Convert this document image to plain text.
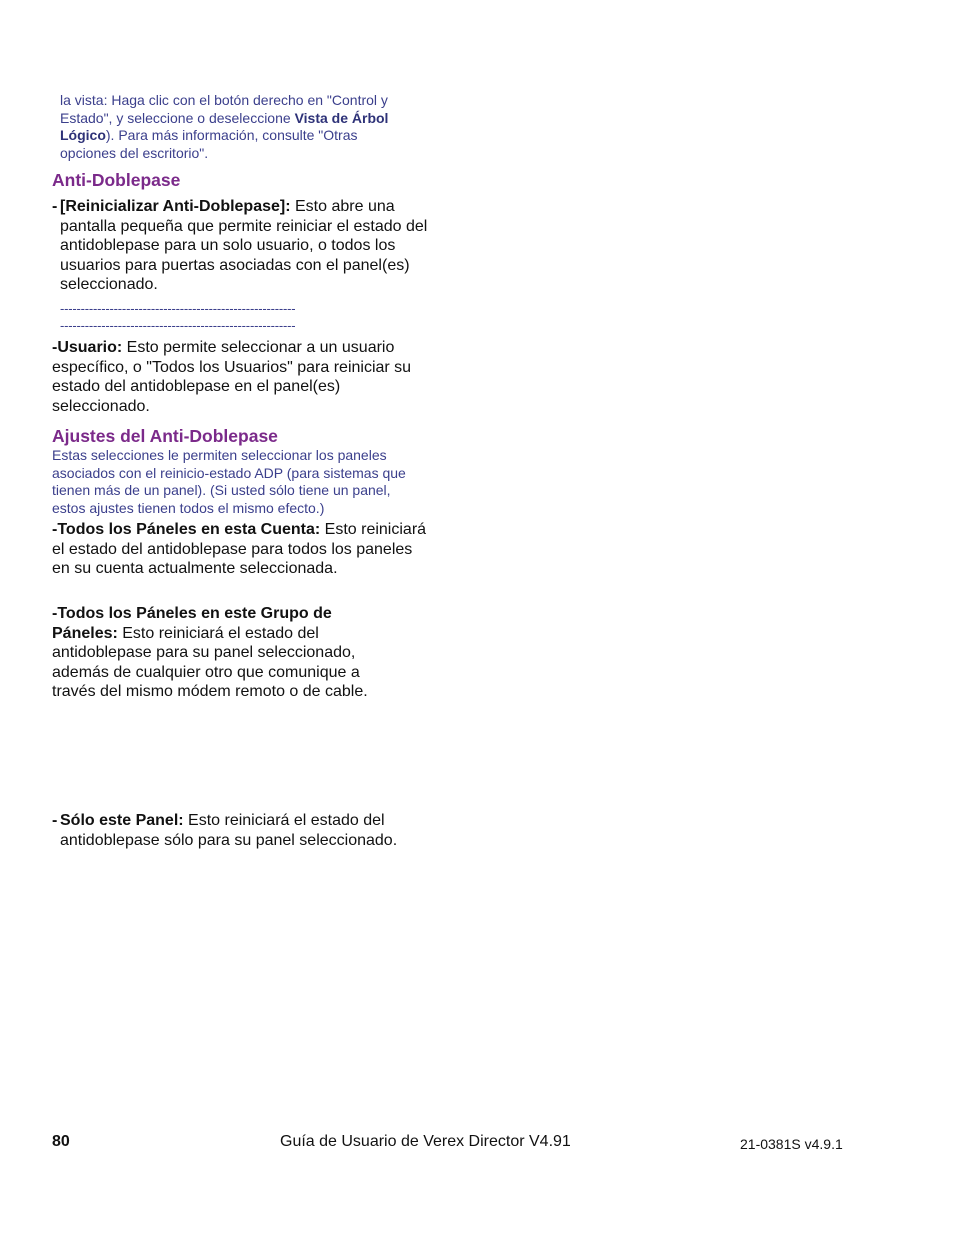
la vista: Haga clic con el botón derecho en "Control y
Estado", y seleccione o deseleccione Vista de Árbol
Lógico). Para más información, consulte "Otras
opciones del escritorio".
Anti-Doblepase
- [Reinicializar Anti-Doblepase]: Esto abre una pantalla pequeña que permite reiniciar el estado del antidoblepase para un solo usuario, o todos los usuarios para puertas asociadas con el panel(es) seleccionado.
---------------------------------------------------------
---------------------------------------------------------
-Usuario: Esto permite seleccionar a un usuario específico, o "Todos los Usuarios" para reiniciar su estado del antidoblepase en el panel(es) seleccionado.
Ajustes del Anti-Doblepase
Estas selecciones le permiten seleccionar los paneles asociados con el reinicio-estado ADP (para sistemas que tienen más de un panel). (Si usted sólo tiene un panel, estos ajustes tienen todos el mismo efecto.)
-Todos los Páneles en esta Cuenta: Esto reiniciará el estado del antidoblepase para todos los paneles en su cuenta actualmente seleccionada.
-Todos los Páneles en este Grupo de Páneles: Esto reiniciará el estado del antidoblepase para su panel seleccionado, además de cualquier otro que comunique a través del mismo módem remoto o de cable.
- Sólo este Panel: Esto reiniciará el estado del antidoblepase sólo para su panel seleccionado.
80	Guía de Usuario de Verex Director V4.91	21-0381S v4.9.1
